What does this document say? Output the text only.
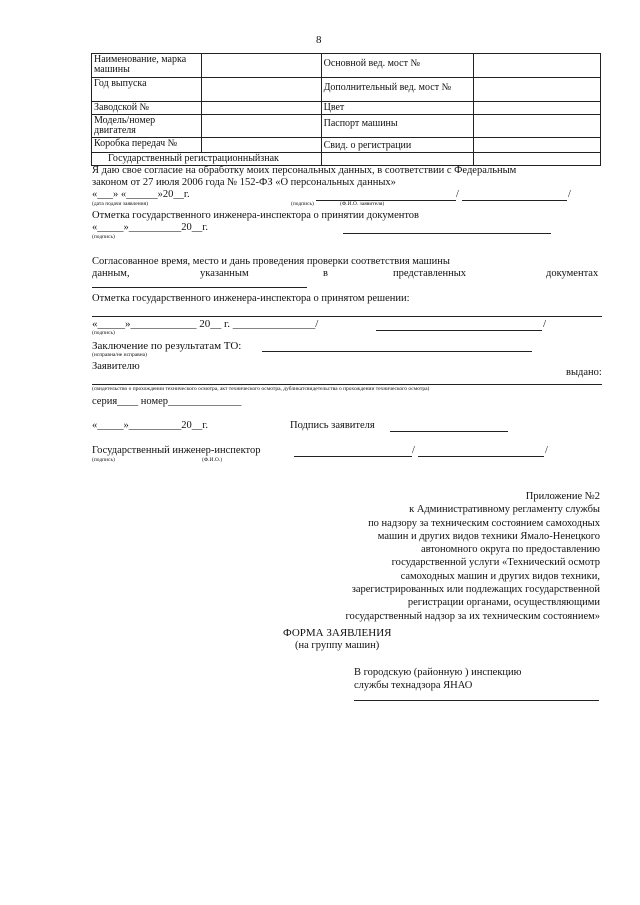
8
Наименование, марка машины		Основной вед. мост №	
Год выпуска		Дополнительный вед. мост №	
Заводской №		Цвет	
Модель/номер двигателя		Паспорт машины	
Коробка передач №		Свид. о регистрации	
Государственный регистрационныйзнак			
Я даю свое согласие на обработку моих персональных данных, в соответствии с Федеральным
законом от 27 июля 2006 года № 152-ФЗ «О персональных данных»
«___» «______»20__г.	/	/
(дата подачи заявления)	(подпись)	(Ф.И.О. заявителя)
Отметка государственного инженера-инспектора о принятии документов
«_____»__________20__г.
(подпись)
Согласованное время, место и дань проведения проверки соответствия машины
данным,	указанным	в	представленных	документах
Отметка государственного инженера-инспектора о принятом решении:
«_____»____________ 20__ г. _______________/	/
(подпись)
Заключение по результатам ТО:
(исправна/не исправна)
Заявителю
выдано:
(свидетельство о прохождении технического осмотра, акт технического осмотра, дубликатсвидетельства о прохождении технического осмотра)
серия____ номер______________
«_____»__________20__г.	Подпись заявителя
Государственный инженер-инспектор	/	/
(подпись)	(Ф.И.О.)
Приложение №2
к Административному регламенту службы
по надзору за техническим состоянием самоходных
машин и других видов техники Ямало-Ненецкого
автономного округа по предоставлению
государственной услуги «Технический осмотр
самоходных машин и других видов техники,
зарегистрированных или подлежащих государственной
регистрации органами, осуществляющими
государственный надзор за их техническим состоянием»
ФОРМА ЗАЯВЛЕНИЯ
(на группу машин)
В городскую (районную ) инспекцию
службы технадзора ЯНАО
